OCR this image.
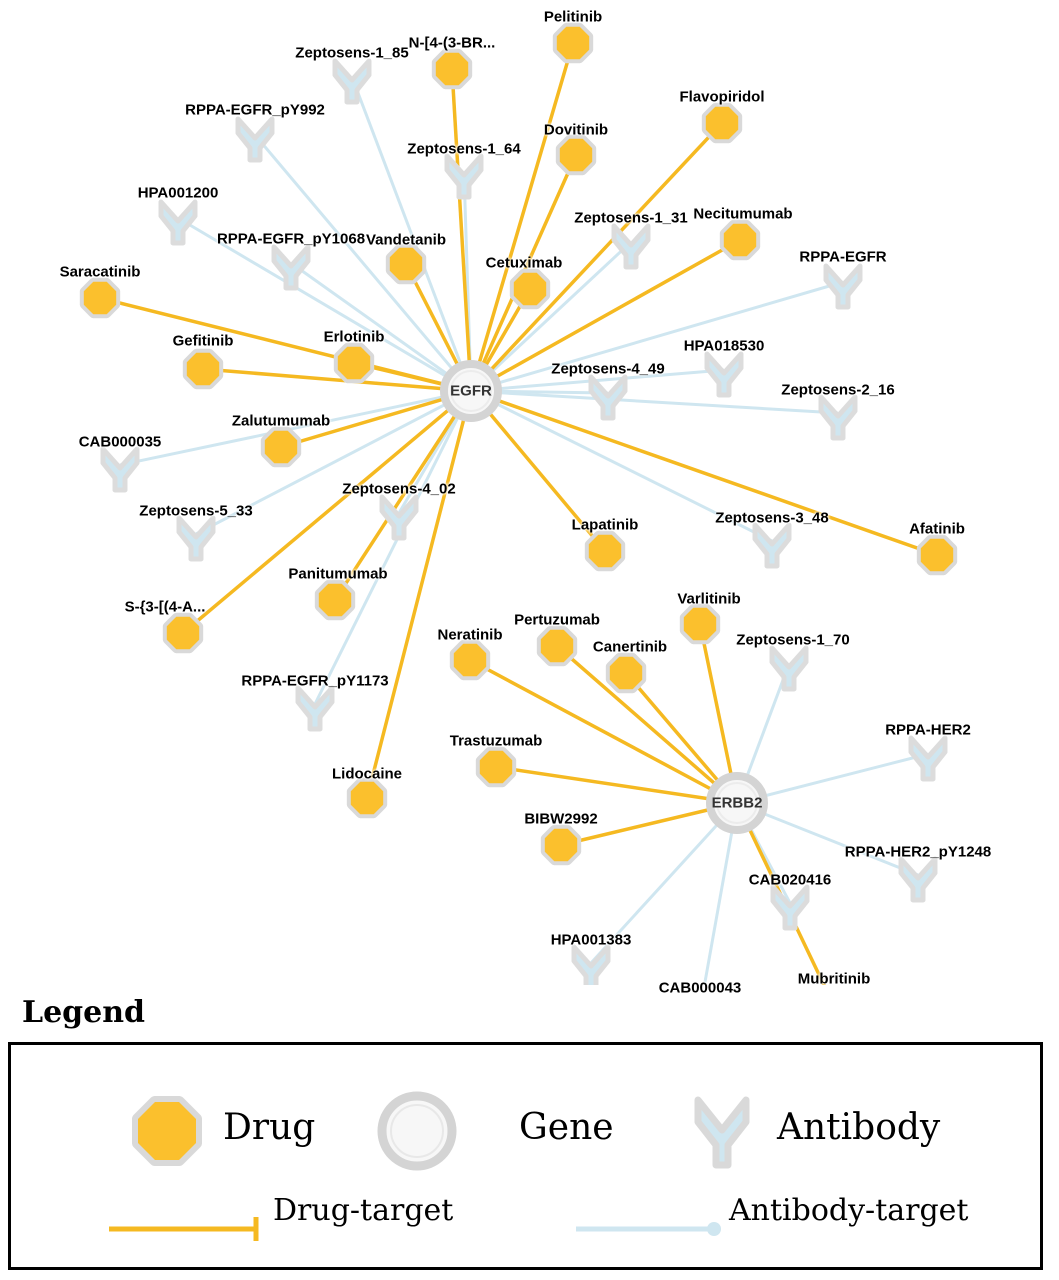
Zeptosens-1_85
RPPA-EGFR_pY992
Zeptosens-1_64
HPA001200
Zeptosens-1_31
RPPA-EGFR_pY1068
RPPA-EGFR
HPA018530
Zeptosens-4_49
Zeptosens-2_16
CAB000035
Zeptosens-4_02
Zeptosens-5_33	Zeptosens-3_48
Zeptosens-1_70
RPPA-EGFR_pY1173
RPPA-HER2
RPPA-HER2_pY1248
CAB020416
HPA001383
CAB000043
Pelitinib
N-[4-(3-BR...
Flavopiridol
Dovitinib
Necitumumab
Vandetanib
Cetuximab
Saracatinib
Erlotinib
Gefitinib
Zalutumumab
Afatinib
Lapatinib
Varlitinib
Panitumumab
S-{3-[(4-A...
Pertuzumab
Neratinib
Canertinib
Trastuzumab
Lidocaine
BIBW2992
Mubritinib
EGFR
ERBB2
Legend
Drug	Gene	Antibody
Drug-target	Antibody-target
